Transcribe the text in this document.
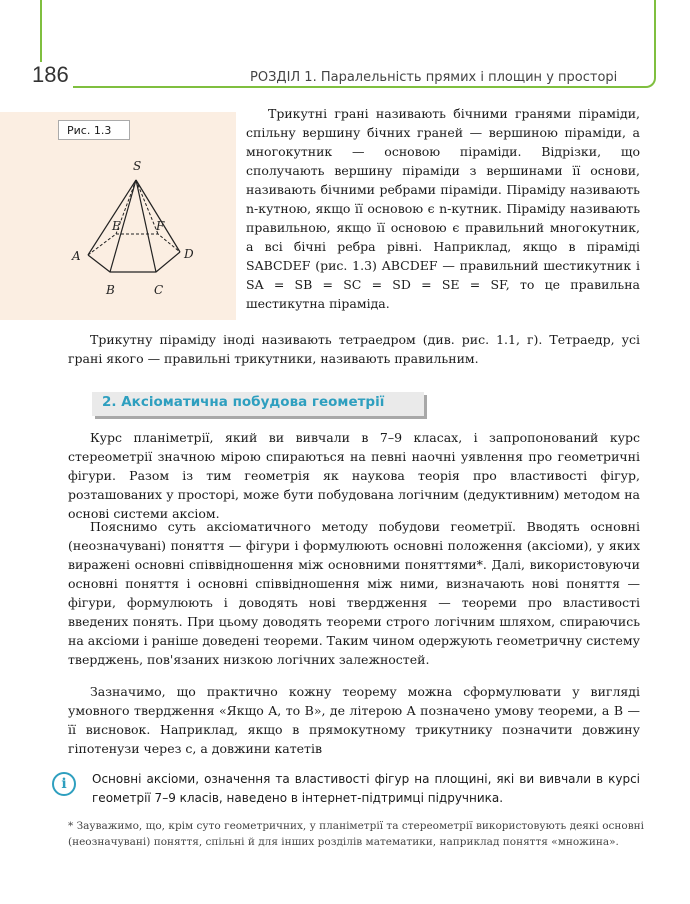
186	РОЗДІЛ 1. Паралельність прямих і площин у просторі
Рис. 1.3
S
A
B	C
D
E	F

Трикутні грані називають бічними гранями піраміди, спільну вершину бічних граней — вершиною піраміди, а многокутник — основою піраміди. Відрізки, що сполучають вершину піраміди з вершинами її основи, називають бічними ребрами піраміди. Піраміду називають n-кутною, якщо її основою є n-кутник. Піраміду називають правильною, якщо її основою є правильний многокутник, а всі бічні ребра рівні. Наприклад, якщо в піраміді SABCDEF (рис. 1.3) ABCDEF — правильний шестикутник і SA = SB = SC = SD = SE = SF, то це правильна шестикутна піраміда.

Трикутну піраміду іноді називають тетраедром (див. рис. 1.1, г). Тетраедр, усі грані якого — правильні трикутники, називають правильним.

2. Аксіоматична побудова геометрії

Курс планіметрії, який ви вивчали в 7–9 класах, і запропонований курс стереометрії значною мірою спираються на певні наочні уявлення про геометричні фігури. Разом із тим геометрія як наукова теорія про властивості фігур, розташованих у просторі, може бути побудована логічним (дедуктивним) методом на основі системи аксіом.

Пояснимо суть аксіоматичного методу побудови геометрії. Вводять основні (неозначувані) поняття — фігури і формулюють основні положення (аксіоми), у яких виражені основні співвідношення між основними поняттями*. Далі, використовуючи основні поняття і основні співвідношення між ними, визначають нові поняття — фігури, формулюють і доводять нові твердження — теореми про властивості введених понять. При цьому доводять теореми строго логічним шляхом, спираючись на аксіоми і раніше доведені теореми. Таким чином одержують геометричну систему тверджень, пов'язаних низкою логічних залежностей.

Зазначимо, що практично кожну теорему можна сформулювати у вигляді умовного твердження «Якщо A, то B», де літерою A позначено умову теореми, а B — її висновок. Наприклад, якщо в прямокутному трикутнику позначити довжину гіпотенузи через c, а довжини катетів

i	Основні аксіоми, означення та властивості фігур на площині, які ви вивчали в курсі геометрії 7–9 класів, наведено в інтернет-підтримці підручника.

* Зауважимо, що, крім суто геометричних, у планіметрії та стереометрії використовують деякі основні (неозначувані) поняття, спільні й для інших розділів математики, наприклад поняття «множина».
